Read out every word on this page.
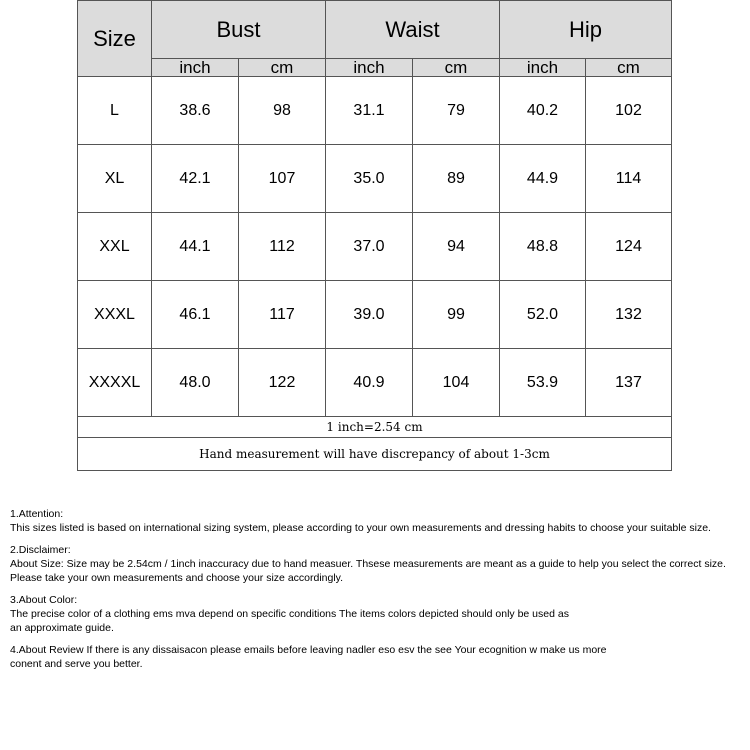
Size	Bust		Waist		Hip	
	inch	cm	inch	cm	inch	cm
L	38.6	98	31.1	79	40.2	102
XL	42.1	107	35.0	89	44.9	114
XXL	44.1	112	37.0	94	48.8	124
XXXL	46.1	117	39.0	99	52.0	132
XXXXL	48.0	122	40.9	104	53.9	137
1 inch=2.54 cm						
Hand measurement will have discrepancy of about 1-3cm						

1.Attention:

This sizes listed is based on international sizing system, please according to your own measurements and dressing habits to choose your suitable size.

2.Disclaimer:

About Size: Size may be 2.54cm / 1inch inaccuracy due to hand measuer. Thsese measurements are meant as a guide to help you select the correct size.

Please take your own measurements and choose your size accordingly.

3.About Color:

The precise color of a clothing ems mva depend on specific conditions The items colors depicted should only be used as

an approximate guide.

4.About Review If there is any dissaisacon please emails before leaving nadler eso esv the see Your ecognition w make us more

conent and serve you better.
